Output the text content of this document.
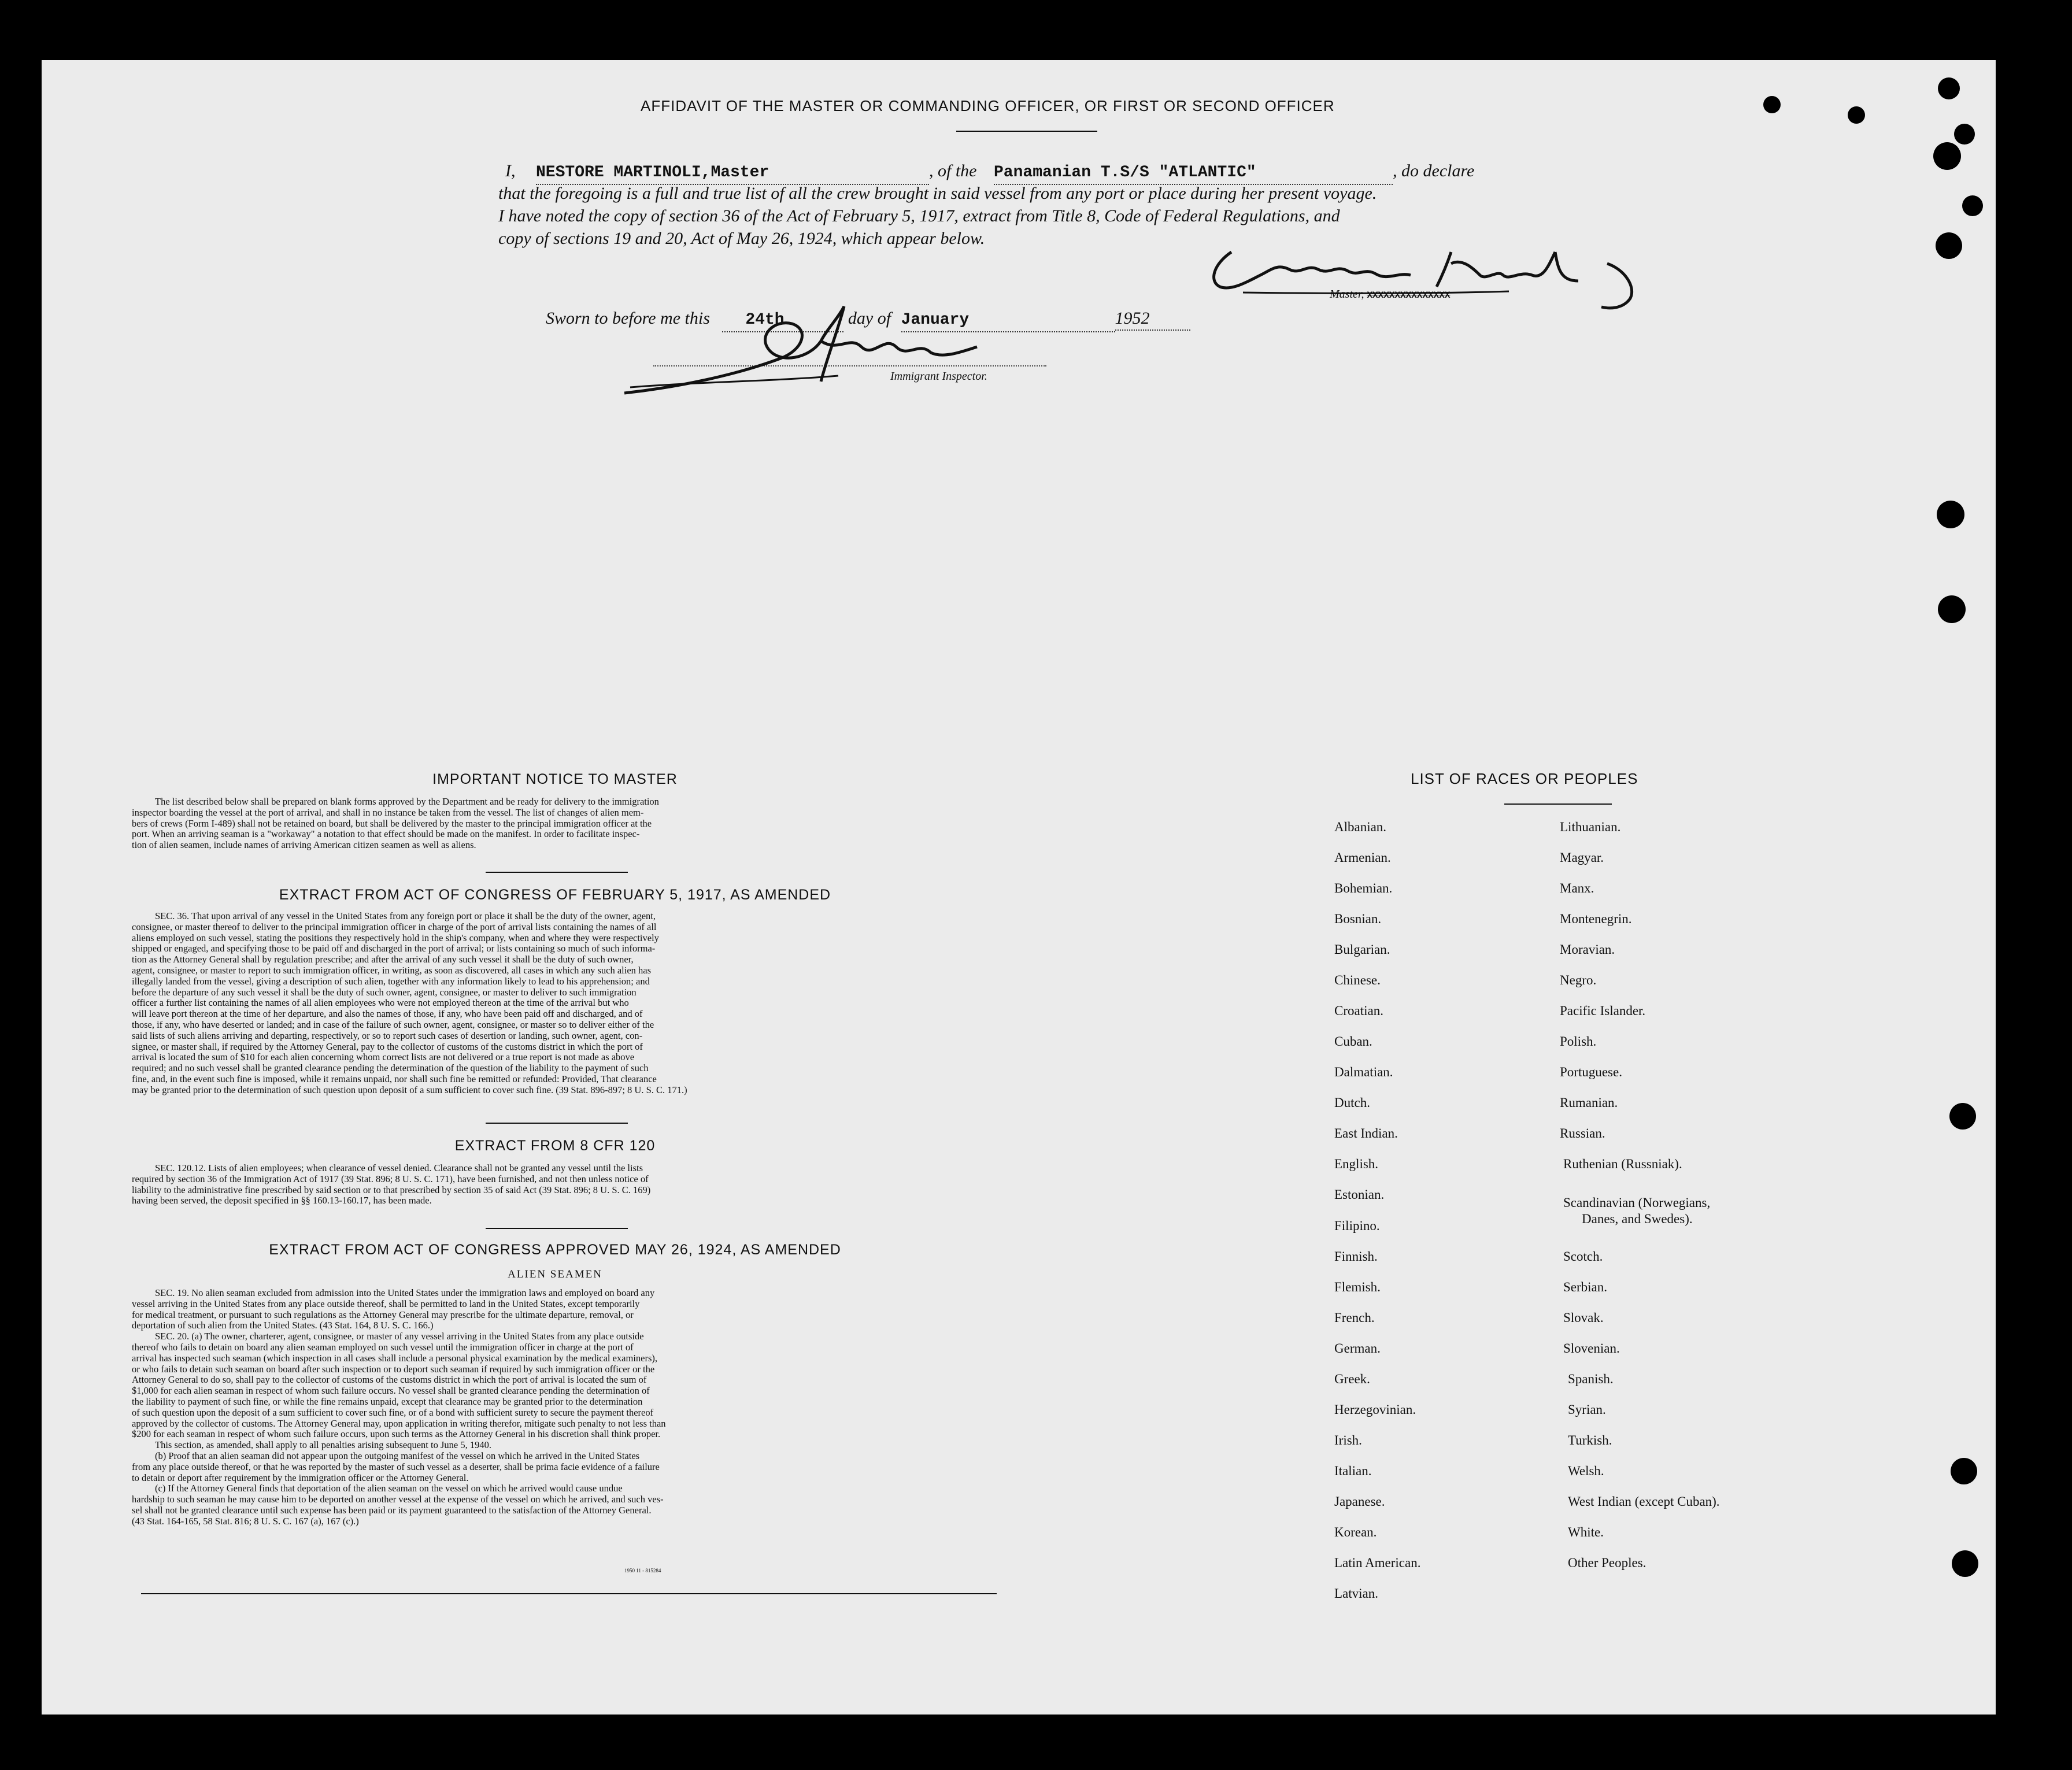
AFFIDAVIT OF THE MASTER OR COMMANDING OFFICER, OR FIRST OR SECOND OFFICER
I, NESTORE MARTINOLI,Master	, of the Panamanian T.S/S "ATLANTIC"	, do declare
that the foregoing is a full and true list of all the crew brought in said vessel from any port or place during her present voyage.
I have noted the copy of section 36 of the Act of February 5, 1917, extract from Title 8, Code of Federal Regulations, and
copy of sections 19 and 20, Act of May 26, 1924, which appear below.
Master, XXXXXXXXXXXXXXX
Sworn to before me this 24th	day of January	1952
Immigrant Inspector.
IMPORTANT NOTICE TO MASTER

The list described below shall be prepared on blank forms approved by the Department and be ready for delivery to the immigration

inspector boarding the vessel at the port of arrival, and shall in no instance be taken from the vessel. The list of changes of alien mem-

bers of crews (Form I-489) shall not be retained on board, but shall be delivered by the master to the principal immigration officer at the

port. When an arriving seaman is a "workaway" a notation to that effect should be made on the manifest. In order to facilitate inspec-

tion of alien seamen, include names of arriving American citizen seamen as well as aliens.

EXTRACT FROM ACT OF CONGRESS OF FEBRUARY 5, 1917, AS AMENDED

SEC. 36. That upon arrival of any vessel in the United States from any foreign port or place it shall be the duty of the owner, agent,

consignee, or master thereof to deliver to the principal immigration officer in charge of the port of arrival lists containing the names of all

aliens employed on such vessel, stating the positions they respectively hold in the ship's company, when and where they were respectively

shipped or engaged, and specifying those to be paid off and discharged in the port of arrival; or lists containing so much of such informa-

tion as the Attorney General shall by regulation prescribe; and after the arrival of any such vessel it shall be the duty of such owner,

agent, consignee, or master to report to such immigration officer, in writing, as soon as discovered, all cases in which any such alien has

illegally landed from the vessel, giving a description of such alien, together with any information likely to lead to his apprehension; and

before the departure of any such vessel it shall be the duty of such owner, agent, consignee, or master to deliver to such immigration

officer a further list containing the names of all alien employees who were not employed thereon at the time of the arrival but who

will leave port thereon at the time of her departure, and also the names of those, if any, who have been paid off and discharged, and of

those, if any, who have deserted or landed; and in case of the failure of such owner, agent, consignee, or master so to deliver either of the

said lists of such aliens arriving and departing, respectively, or so to report such cases of desertion or landing, such owner, agent, con-

signee, or master shall, if required by the Attorney General, pay to the collector of customs of the customs district in which the port of

arrival is located the sum of $10 for each alien concerning whom correct lists are not delivered or a true report is not made as above

required; and no such vessel shall be granted clearance pending the determination of the question of the liability to the payment of such

fine, and, in the event such fine is imposed, while it remains unpaid, nor shall such fine be remitted or refunded: Provided, That clearance

may be granted prior to the determination of such question upon deposit of a sum sufficient to cover such fine. (39 Stat. 896-897; 8 U. S. C. 171.)

EXTRACT FROM 8 CFR 120

SEC. 120.12. Lists of alien employees; when clearance of vessel denied. Clearance shall not be granted any vessel until the lists

required by section 36 of the Immigration Act of 1917 (39 Stat. 896; 8 U. S. C. 171), have been furnished, and not then unless notice of

liability to the administrative fine prescribed by said section or to that prescribed by section 35 of said Act (39 Stat. 896; 8 U. S. C. 169)

having been served, the deposit specified in §§ 160.13-160.17, has been made.

EXTRACT FROM ACT OF CONGRESS APPROVED MAY 26, 1924, AS AMENDED
ALIEN SEAMEN

SEC. 19. No alien seaman excluded from admission into the United States under the immigration laws and employed on board any

vessel arriving in the United States from any place outside thereof, shall be permitted to land in the United States, except temporarily

for medical treatment, or pursuant to such regulations as the Attorney General may prescribe for the ultimate departure, removal, or

deportation of such alien from the United States. (43 Stat. 164, 8 U. S. C. 166.)

SEC. 20. (a) The owner, charterer, agent, consignee, or master of any vessel arriving in the United States from any place outside

thereof who fails to detain on board any alien seaman employed on such vessel until the immigration officer in charge at the port of

arrival has inspected such seaman (which inspection in all cases shall include a personal physical examination by the medical examiners),

or who fails to detain such seaman on board after such inspection or to deport such seaman if required by such immigration officer or the

Attorney General to do so, shall pay to the collector of customs of the customs district in which the port of arrival is located the sum of

$1,000 for each alien seaman in respect of whom such failure occurs. No vessel shall be granted clearance pending the determination of

the liability to payment of such fine, or while the fine remains unpaid, except that clearance may be granted prior to the determination

of such question upon the deposit of a sum sufficient to cover such fine, or of a bond with sufficient surety to secure the payment thereof

approved by the collector of customs. The Attorney General may, upon application in writing therefor, mitigate such penalty to not less than

$200 for each seaman in respect of whom such failure occurs, upon such terms as the Attorney General in his discretion shall think proper.

This section, as amended, shall apply to all penalties arising subsequent to June 5, 1940.

(b) Proof that an alien seaman did not appear upon the outgoing manifest of the vessel on which he arrived in the United States

from any place outside thereof, or that he was reported by the master of such vessel as a deserter, shall be prima facie evidence of a failure

to detain or deport after requirement by the immigration officer or the Attorney General.

(c) If the Attorney General finds that deportation of the alien seaman on the vessel on which he arrived would cause undue

hardship to such seaman he may cause him to be deported on another vessel at the expense of the vessel on which he arrived, and such ves-

sel shall not be granted clearance until such expense has been paid or its payment guaranteed to the satisfaction of the Attorney General.

(43 Stat. 164-165, 58 Stat. 816; 8 U. S. C. 167 (a), 167 (c).)

1950 11 - 815284
LIST OF RACES OR PEOPLES
Albanian.
Armenian.
Bohemian.
Bosnian.
Bulgarian.
Chinese.
Croatian.
Cuban.
Dalmatian.
Dutch.
East Indian.
English.
Estonian.
Filipino.
Finnish.
Flemish.
French.
German.
Greek.
Herzegovinian.
Irish.
Italian.
Japanese.
Korean.
Latin American.
Latvian.
Lithuanian.
Magyar.
Manx.
Montenegrin.
Moravian.
Negro.
Pacific Islander.
Polish.
Portuguese.
Rumanian.
Russian.
Ruthenian (Russniak).
Scandinavian (Norwegians,
Danes, and Swedes).
Scotch.
Serbian.
Slovak.
Slovenian.
Spanish.
Syrian.
Turkish.
Welsh.
West Indian (except Cuban).
White.
Other Peoples.
